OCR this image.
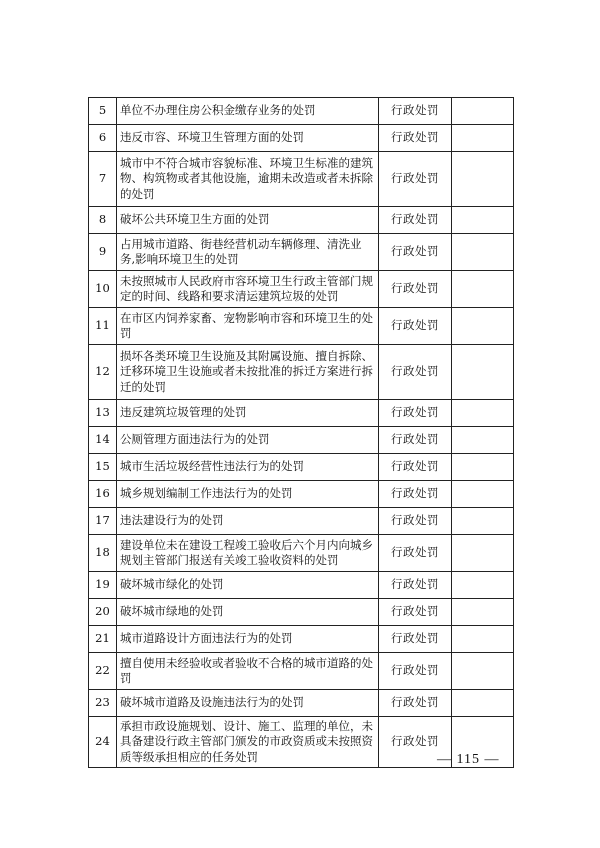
5	单位不办理住房公积金缴存业务的处罚	行政处罚	
6	违反市容、环境卫生管理方面的处罚	行政处罚	
7	城市中不符合城市容貌标准、环境卫生标准的建筑物、构筑物或者其他设施，逾期未改造或者未拆除的处罚	行政处罚	
8	破坏公共环境卫生方面的处罚	行政处罚	
9	占用城市道路、街巷经营机动车辆修理、清洗业务,影响环境卫生的处罚	行政处罚	
10	未按照城市人民政府市容环境卫生行政主管部门规定的时间、线路和要求清运建筑垃圾的处罚	行政处罚	
11	在市区内饲养家畜、宠物影响市容和环境卫生的处罚	行政处罚	
12	损坏各类环境卫生设施及其附属设施、擅自拆除、迁移环境卫生设施或者未按批准的拆迁方案进行拆迁的处罚	行政处罚	
13	违反建筑垃圾管理的处罚	行政处罚	
14	公厕管理方面违法行为的处罚	行政处罚	
15	城市生活垃圾经营性违法行为的处罚	行政处罚	
16	城乡规划编制工作违法行为的处罚	行政处罚	
17	违法建设行为的处罚	行政处罚	
18	建设单位未在建设工程竣工验收后六个月内向城乡规划主管部门报送有关竣工验收资料的处罚	行政处罚	
19	破坏城市绿化的处罚	行政处罚	
20	破坏城市绿地的处罚	行政处罚	
21	城市道路设计方面违法行为的处罚	行政处罚	
22	擅自使用未经验收或者验收不合格的城市道路的处罚	行政处罚	
23	破坏城市道路及设施违法行为的处罚	行政处罚	
24	承担市政设施规划、设计、施工、监理的单位，未具备建设行政主管部门颁发的市政资质或未按照资质等级承担相应的任务处罚	行政处罚	
— 115 —
